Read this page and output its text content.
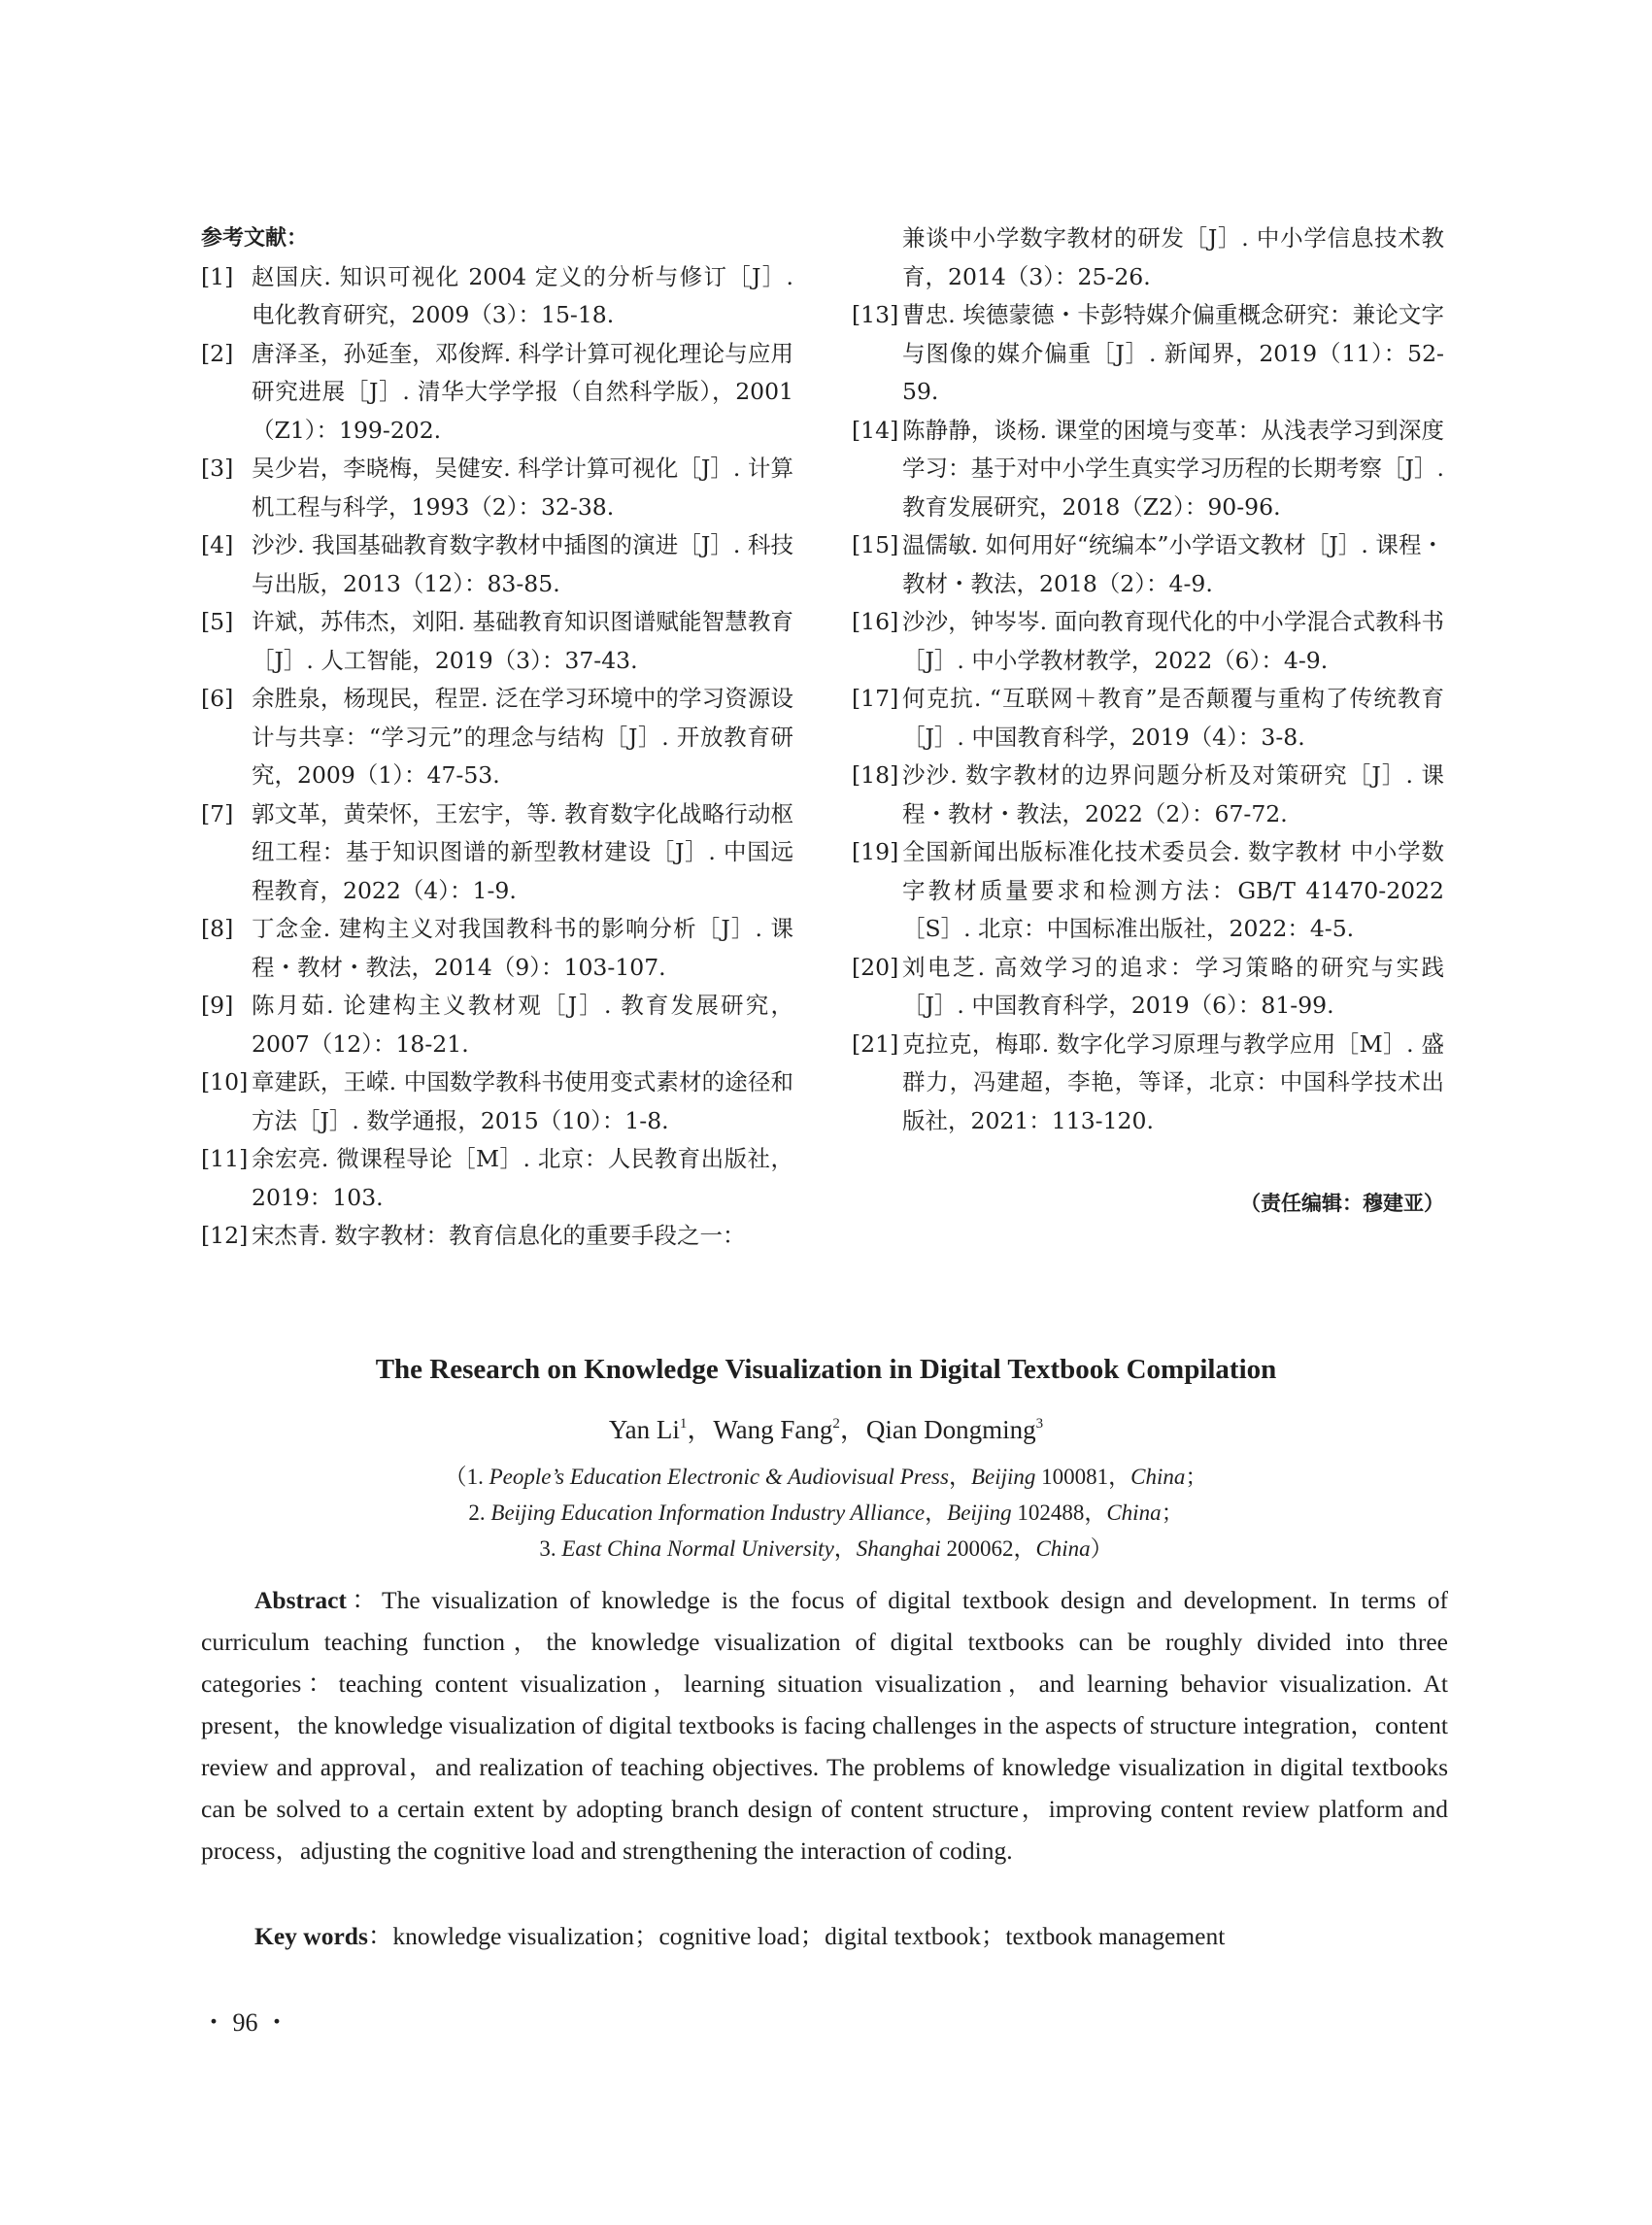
参考文献：
[1] 赵国庆. 知识可视化 2004 定义的分析与修订［J］. 电化教育研究，2009（3）：15-18.
[2] 唐泽圣，孙延奎，邓俊辉. 科学计算可视化理论与应用研究进展［J］. 清华大学学报（自然科学版），2001（Z1）：199-202.
[3] 吴少岩，李晓梅，吴健安. 科学计算可视化［J］. 计算机工程与科学，1993（2）：32-38.
[4] 沙沙. 我国基础教育数字教材中插图的演进［J］. 科技与出版，2013（12）：83-85.
[5] 许斌，苏伟杰，刘阳. 基础教育知识图谱赋能智慧教育［J］. 人工智能，2019（3）：37-43.
[6] 余胜泉，杨现民，程罡. 泛在学习环境中的学习资源设计与共享：“学习元”的理念与结构［J］. 开放教育研究，2009（1）：47-53.
[7] 郭文革，黄荣怀，王宏宇，等. 教育数字化战略行动枢纽工程：基于知识图谱的新型教材建设［J］. 中国远程教育，2022（4）：1-9.
[8] 丁念金. 建构主义对我国教科书的影响分析［J］. 课程・教材・教法，2014（9）：103-107.
[9] 陈月茹. 论建构主义教材观［J］. 教育发展研究，2007（12）：18-21.
[10] 章建跃，王嵘. 中国数学教科书使用变式素材的途径和方法［J］. 数学通报，2015（10）：1-8.
[11] 余宏亮. 微课程导论［M］. 北京：人民教育出版社，2019：103.
[12] 宋杰青. 数字教材：教育信息化的重要手段之一：
兼谈中小学数字教材的研发［J］. 中小学信息技术教育，2014（3）：25-26.
[13] 曹忠. 埃德蒙德・卡彭特媒介偏重概念研究：兼论文字与图像的媒介偏重［J］. 新闻界，2019（11）：52-59.
[14] 陈静静，谈杨. 课堂的困境与变革：从浅表学习到深度学习：基于对中小学生真实学习历程的长期考察［J］. 教育发展研究，2018（Z2）：90-96.
[15] 温儒敏. 如何用好“统编本”小学语文教材［J］. 课程・教材・教法，2018（2）：4-9.
[16] 沙沙，钟岑岑. 面向教育现代化的中小学混合式教科书［J］. 中小学教材教学，2022（6）：4-9.
[17] 何克抗. “互联网＋教育”是否颠覆与重构了传统教育［J］. 中国教育科学，2019（4）：3-8.
[18] 沙沙. 数字教材的边界问题分析及对策研究［J］. 课程・教材・教法，2022（2）：67-72.
[19] 全国新闻出版标准化技术委员会. 数字教材 中小学数字教材质量要求和检测方法：GB/T 41470-2022［S］. 北京：中国标准出版社，2022：4-5.
[20] 刘电芝. 高效学习的追求：学习策略的研究与实践［J］. 中国教育科学，2019（6）：81-99.
[21] 克拉克，梅耶. 数字化学习原理与教学应用［M］. 盛群力，冯建超，李艳，等译，北京：中国科学技术出版社，2021：113-120.
（责任编辑：穆建亚）
The Research on Knowledge Visualization in Digital Textbook Compilation
Yan Li$^1$，Wang Fang$^2$，Qian Dongming$^3$
（1. People’s Education Electronic & Audiovisual Press，Beijing 100081，China；
2. Beijing Education Information Industry Alliance，Beijing 102488，China；
3. East China Normal University，Shanghai 200062，China）
Abstract：The visualization of knowledge is the focus of digital textbook design and development. In terms of curriculum teaching function，the knowledge visualization of digital textbooks can be roughly divided into three categories：teaching content visualization，learning situation visualization，and learning behavior visualization. At present，the knowledge visualization of digital textbooks is facing challenges in the aspects of structure integration，content review and approval，and realization of teaching objectives. The problems of knowledge visualization in digital textbooks can be solved to a certain extent by adopting branch design of content structure，improving content review platform and process，adjusting the cognitive load and strengthening the interaction of coding.
Key words：knowledge visualization；cognitive load；digital textbook；textbook management
・ 96 ・
